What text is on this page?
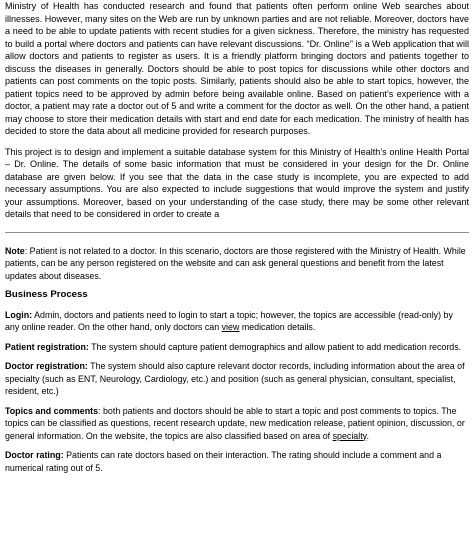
Ministry of Health has conducted research and found that patients often perform online Web searches about illnesses. However, many sites on the Web are run by unknown parties and are not reliable. Moreover, doctors have a need to be able to update patients with recent studies for a given sickness. Therefore, the ministry has requested to build a portal where doctors and patients can have relevant discussions. “Dr. Online” is a Web application that will allow doctors and patients to register as users. It is a friendly platform bringing doctors and patients together to discuss the diseases in generally. Doctors should be able to post topics for discussions while other doctors and patients can post comments on the topic posts. Similarly, patients should also be able to start topics, however, the patient topics need to be approved by admin before being available online. Based on patient’s experience with a doctor, a patient may rate a doctor out of 5 and write a comment for the doctor as well. On the other hand, a patient may choose to store their medication details with start and end date for each medication. The ministry of health has decided to store the data about all medicine provided for research purposes.

This project is to design and implement a suitable database system for this Ministry of Health’s online Health Portal – Dr. Online. The details of some basic information that must be considered in your design for the Dr. Online database are given below. If you see that the data in the case study is incomplete, you are expected to add necessary assumptions. You are also expected to include suggestions that would improve the system and justify your assumptions. Moreover, based on your understanding of the case study, there may be some other relevant details that need to be considered in order to create a

Note: Patient is not related to a doctor. In this scenario, doctors are those registered with the Ministry of Health. While patients, can be any person registered on the website and can ask general questions and benefit from the latest updates about diseases.

Business Process

Login: Admin, doctors and patients need to login to start a topic; however, the topics are accessible (read-only) by any online reader. On the other hand, only doctors can view medication details.

Patient registration: The system should capture patient demographics and allow patient to add medication records.

Doctor registration: The system should also capture relevant doctor records, including information about the area of specialty (such as ENT, Neurology, Cardiology, etc.) and position (such as general physician, consultant, specialist, resident, etc.)

Topics and comments: both patients and doctors should be able to start a topic and post comments to topics. The topics can be classified as questions, recent research update, new medication release, patient opinion, discussion, or general information. On the website, the topics are also classified based on area of specialty.

Doctor rating: Patients can rate doctors based on their interaction. The rating should include a comment and a numerical rating out of 5.
